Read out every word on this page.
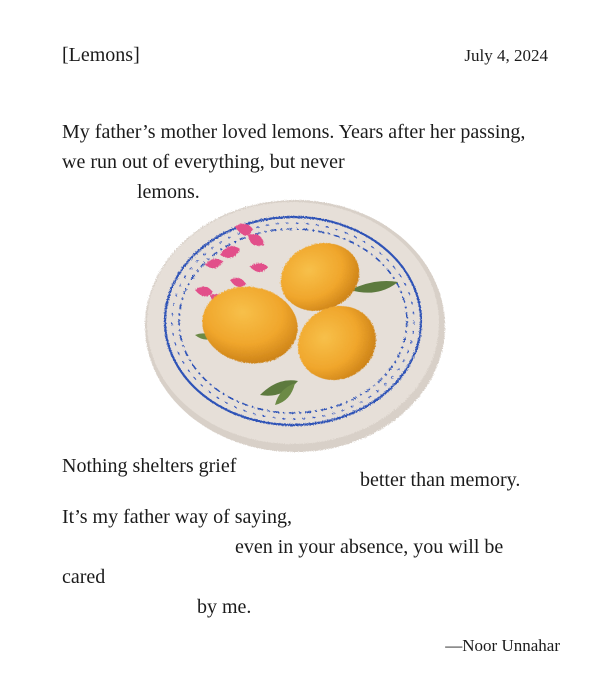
[Lemons]	July 4, 2024

My father’s mother loved lemons. Years after her passing,

we run out of everything, but never

lemons.

Nothing shelters grief

better than memory.

It’s my father way of saying,

even in your absence, you will be

cared

by me.

—Noor Unnahar
